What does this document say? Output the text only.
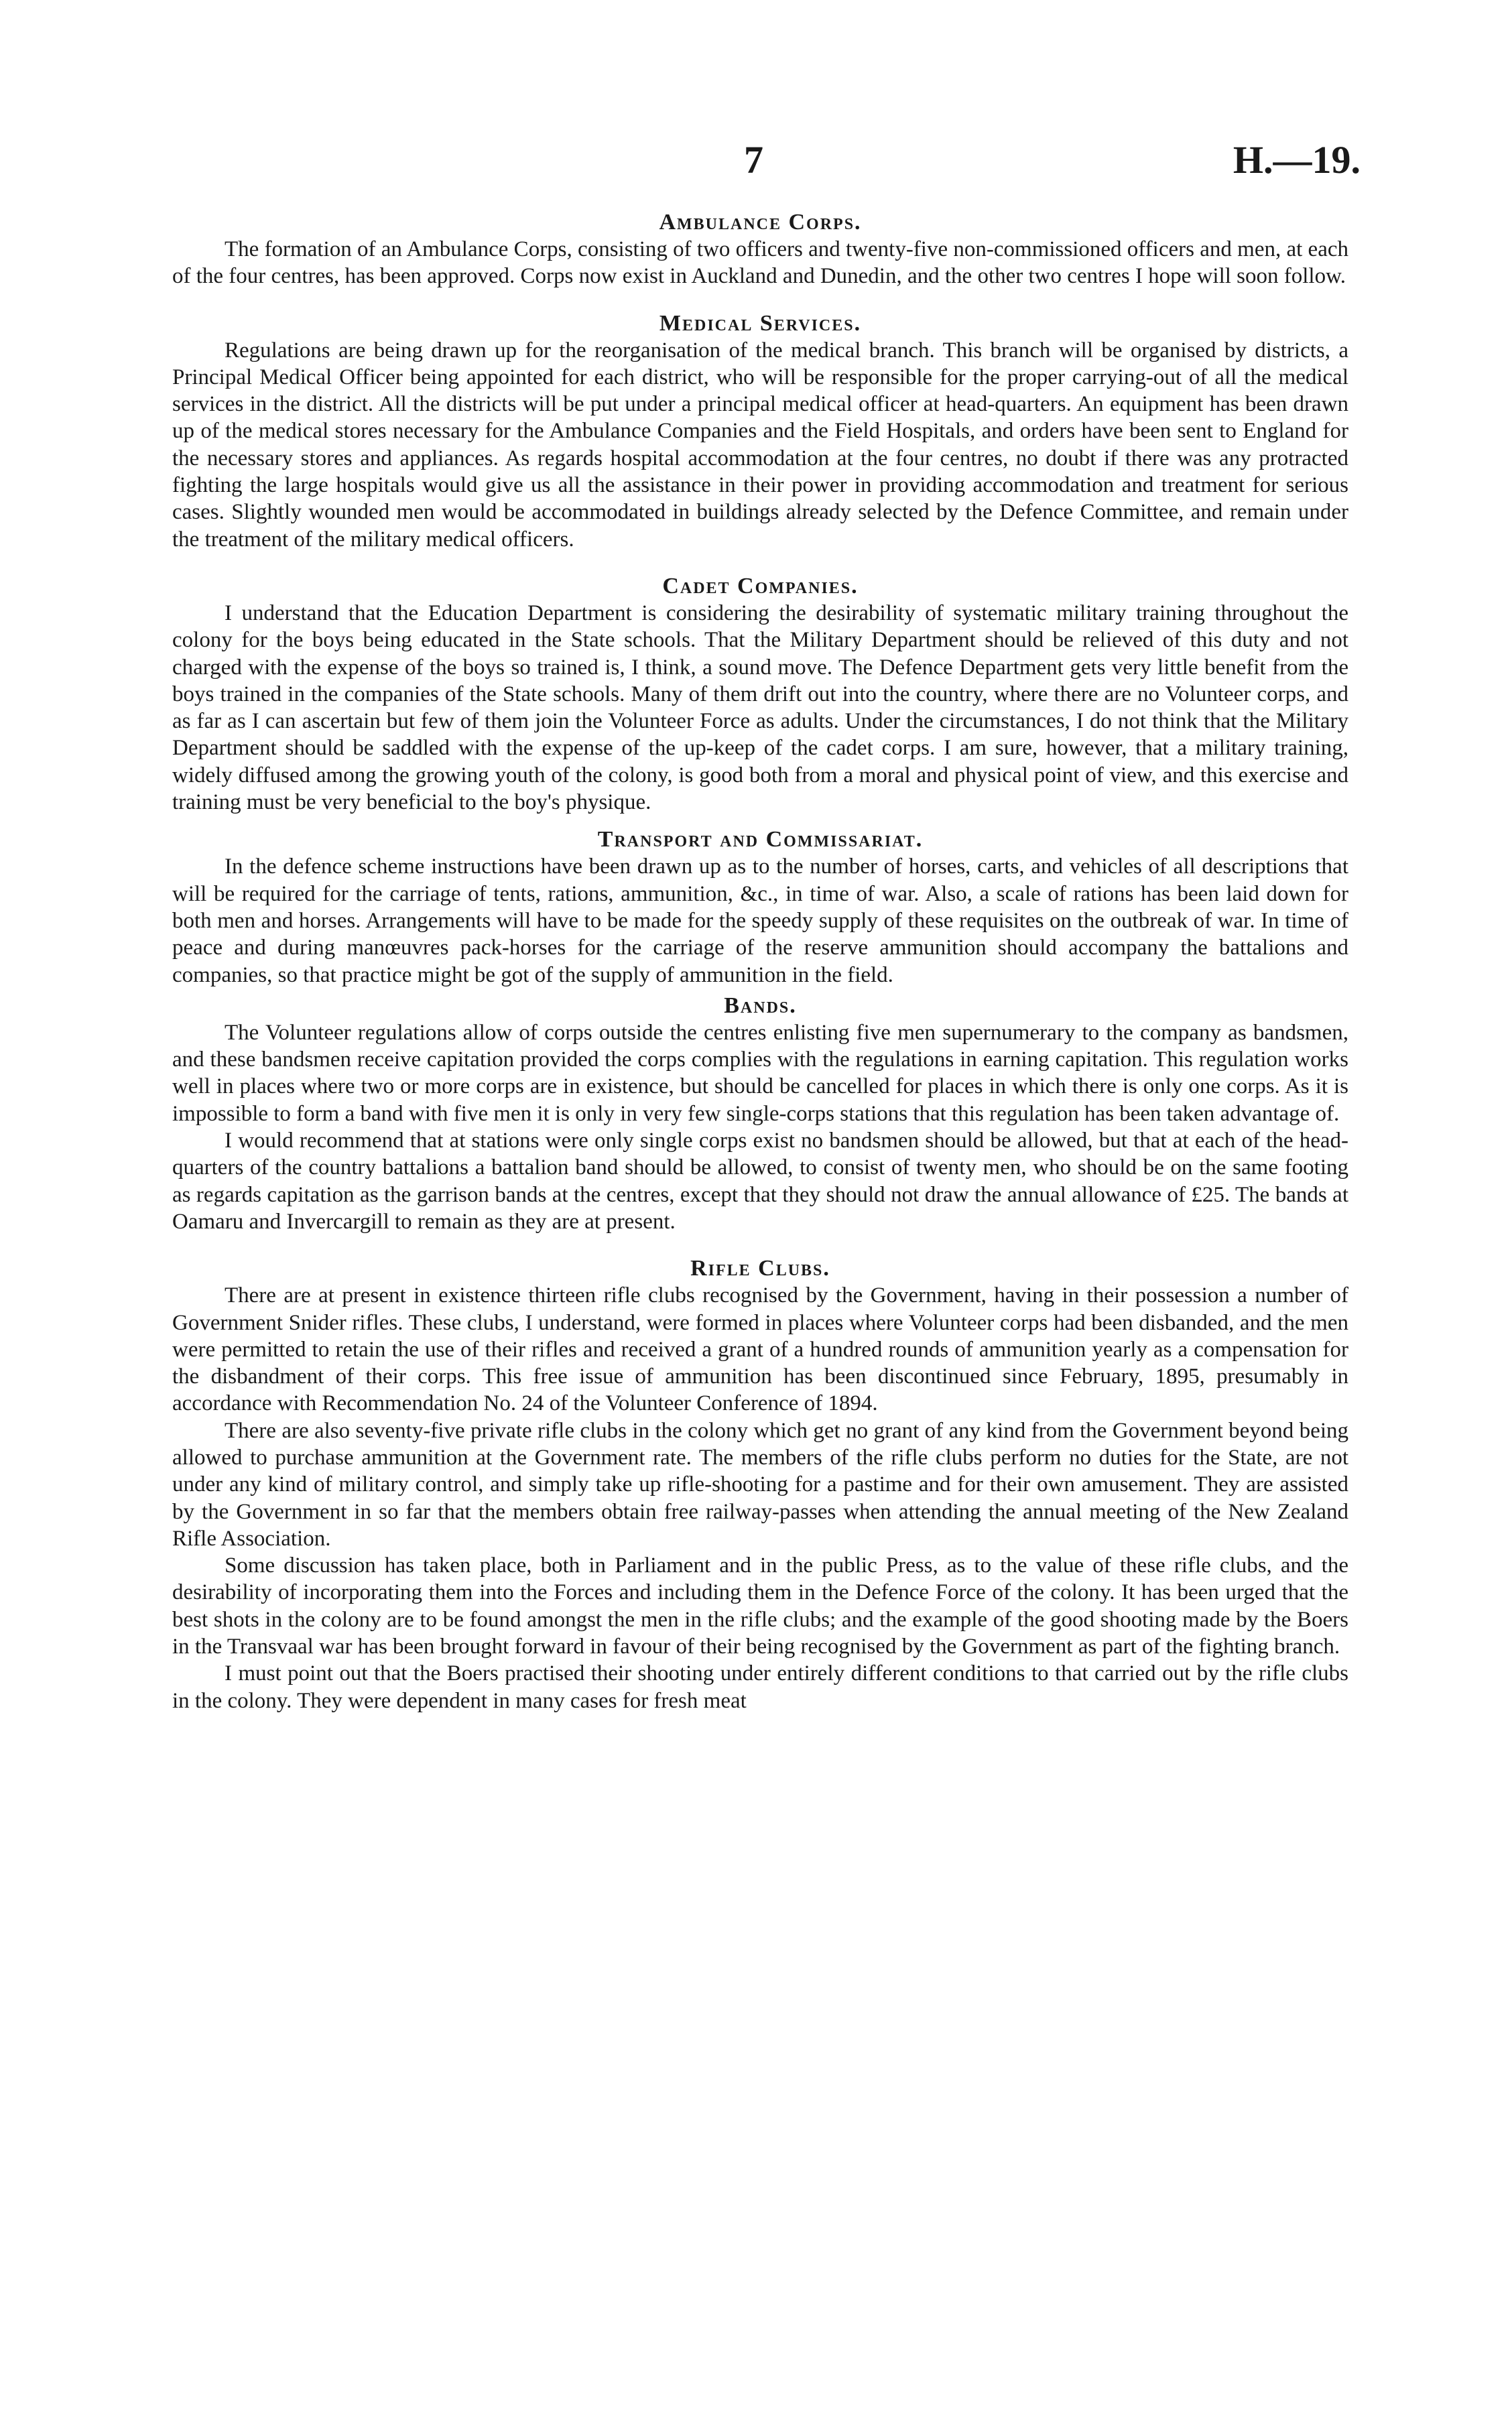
7	H.—19.
Ambulance Corps.

The formation of an Ambulance Corps, consisting of two officers and twenty-five non-commissioned officers and men, at each of the four centres, has been approved. Corps now exist in Auckland and Dunedin, and the other two centres I hope will soon follow.

Medical Services.

Regulations are being drawn up for the reorganisation of the medical branch. This branch will be organised by districts, a Principal Medical Officer being appointed for each district, who will be responsible for the proper carrying-out of all the medical services in the district. All the districts will be put under a principal medical officer at head-quarters. An equipment has been drawn up of the medical stores necessary for the Ambulance Companies and the Field Hospitals, and orders have been sent to England for the necessary stores and appliances. As regards hospital accommodation at the four centres, no doubt if there was any protracted fighting the large hospitals would give us all the assistance in their power in providing accommodation and treatment for serious cases. Slightly wounded men would be accommodated in buildings already selected by the Defence Committee, and remain under the treatment of the military medical officers.

Cadet Companies.

I understand that the Education Department is considering the desirability of systematic military training throughout the colony for the boys being educated in the State schools. That the Military Department should be relieved of this duty and not charged with the expense of the boys so trained is, I think, a sound move. The Defence Department gets very little benefit from the boys trained in the companies of the State schools. Many of them drift out into the country, where there are no Volunteer corps, and as far as I can ascertain but few of them join the Volunteer Force as adults. Under the circumstances, I do not think that the Military Department should be saddled with the expense of the up-keep of the cadet corps. I am sure, however, that a military training, widely diffused among the growing youth of the colony, is good both from a moral and physical point of view, and this exercise and training must be very beneficial to the boy's physique.

Transport and Commissariat.

In the defence scheme instructions have been drawn up as to the number of horses, carts, and vehicles of all descriptions that will be required for the carriage of tents, rations, ammunition, &c., in time of war. Also, a scale of rations has been laid down for both men and horses. Arrangements will have to be made for the speedy supply of these requisites on the outbreak of war. In time of peace and during manœuvres pack-horses for the carriage of the reserve ammunition should accompany the battalions and companies, so that practice might be got of the supply of ammunition in the field.

Bands.

The Volunteer regulations allow of corps outside the centres enlisting five men supernumerary to the company as bandsmen, and these bandsmen receive capitation provided the corps complies with the regulations in earning capitation. This regulation works well in places where two or more corps are in existence, but should be cancelled for places in which there is only one corps. As it is impossible to form a band with five men it is only in very few single-corps stations that this regulation has been taken advantage of.

I would recommend that at stations were only single corps exist no bandsmen should be allowed, but that at each of the head-quarters of the country battalions a battalion band should be allowed, to consist of twenty men, who should be on the same footing as regards capitation as the garrison bands at the centres, except that they should not draw the annual allowance of £25. The bands at Oamaru and Invercargill to remain as they are at present.

Rifle Clubs.

There are at present in existence thirteen rifle clubs recognised by the Government, having in their possession a number of Government Snider rifles. These clubs, I understand, were formed in places where Volunteer corps had been disbanded, and the men were permitted to retain the use of their rifles and received a grant of a hundred rounds of ammunition yearly as a compensation for the disbandment of their corps. This free issue of ammunition has been discontinued since February, 1895, presumably in accordance with Recommendation No. 24 of the Volunteer Conference of 1894.

There are also seventy-five private rifle clubs in the colony which get no grant of any kind from the Government beyond being allowed to purchase ammunition at the Government rate. The members of the rifle clubs perform no duties for the State, are not under any kind of military control, and simply take up rifle-shooting for a pastime and for their own amusement. They are assisted by the Government in so far that the members obtain free railway-passes when attending the annual meeting of the New Zealand Rifle Association.

Some discussion has taken place, both in Parliament and in the public Press, as to the value of these rifle clubs, and the desirability of incorporating them into the Forces and including them in the Defence Force of the colony. It has been urged that the best shots in the colony are to be found amongst the men in the rifle clubs; and the example of the good shooting made by the Boers in the Transvaal war has been brought forward in favour of their being recognised by the Government as part of the fighting branch.

I must point out that the Boers practised their shooting under entirely different conditions to that carried out by the rifle clubs in the colony. They were dependent in many cases for fresh meat
